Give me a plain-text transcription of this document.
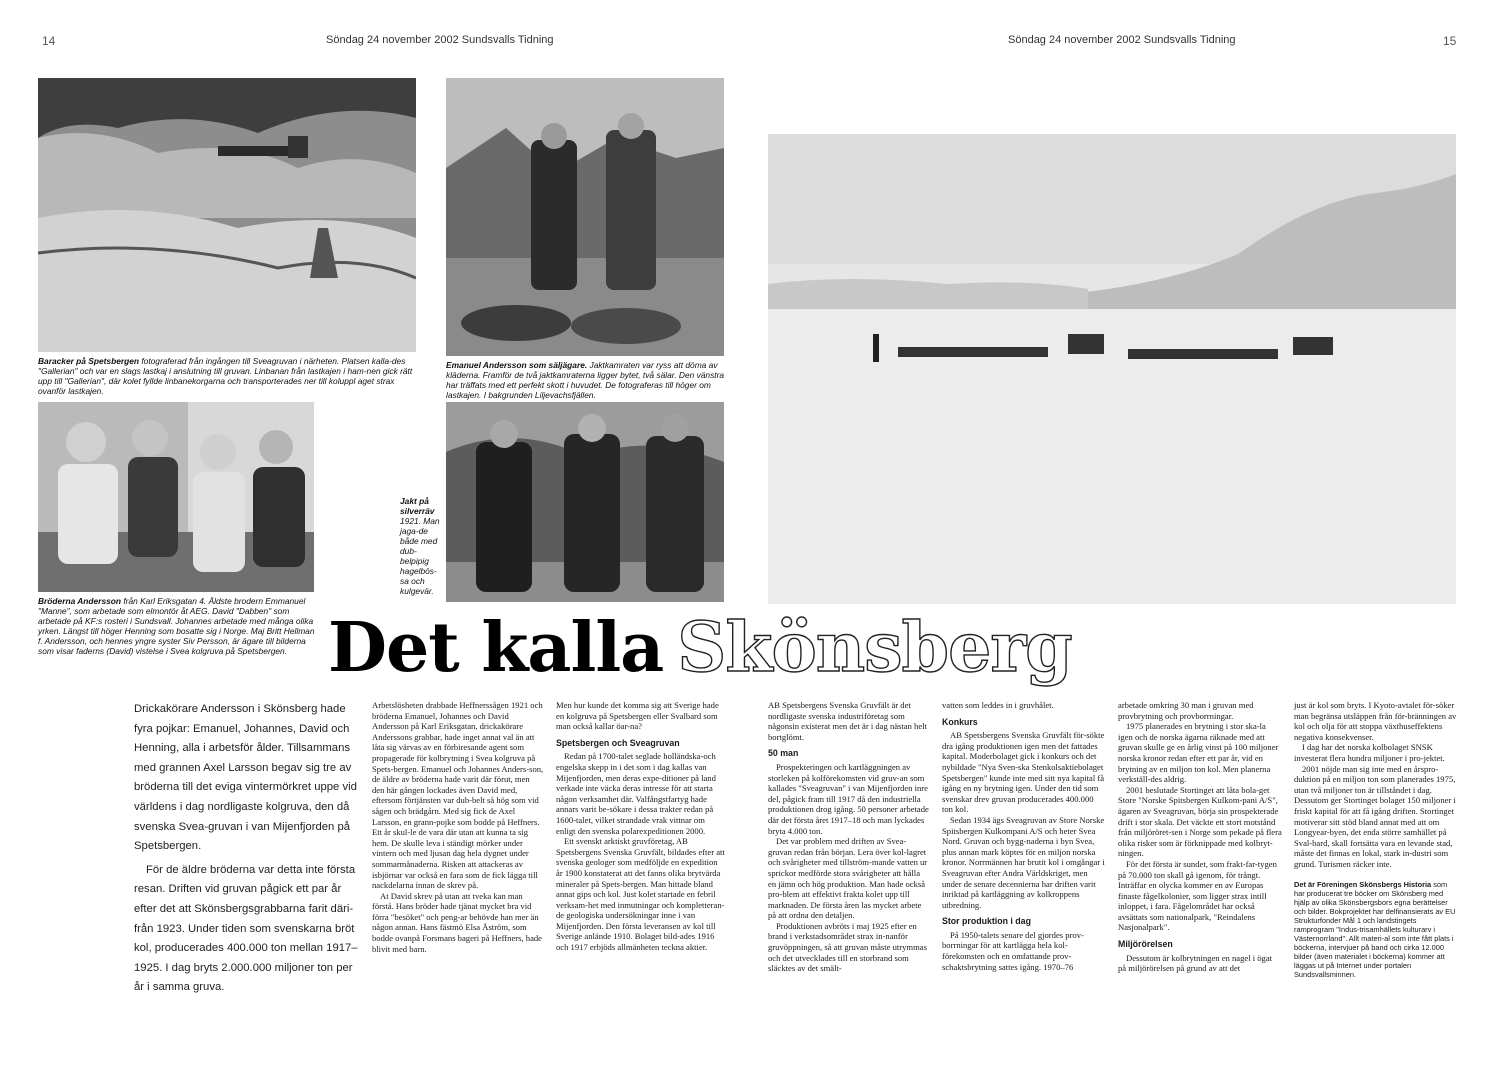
14	Söndag 24 november 2002 Sundsvalls Tidning	Söndag 24 november 2002 Sundsvalls Tidning	15
Baracker på Spetsbergen fotograferad från ingången till Sveagruvan i närheten. Platsen kalla-des "Gallerian" och var en slags lastkaj i anslutning till gruvan. Linbanan från lastkajen i ham-nen gick rätt upp till "Gallerian", där kolet fyllde linbanekorgarna och transporterades ner till koluppl aget strax ovanför lastkajen.
Emanuel Andersson som säljägare. Jaktkamraten var ryss att döma av kläderna. Framför de två jaktkamraterna ligger bytet, två sälar. Den vänstra har träffats med ett perfekt skott i huvudet. De fotograferas till höger om lastkajen. I bakgrunden Liljevachsfjällen.
Bröderna Andersson från Karl Eriksgatan 4. Äldste brodern Emmanuel "Manne", som arbetade som elmontör åt AEG. David "Dabben" som arbetade på KF:s rosteri i Sundsvall. Johannes arbetade med många olika yrken. Längst till höger Henning som bosatte sig i Norge. Maj Britt Hellman f. Andersson, och hennes yngre syster Siv Persson, är ägare till bilderna som visar faderns (David) vistelse i Svea kolgruva på Spetsbergen.
Jakt på silverräv 1921. Man jaga-de både med dub-belpipig hagelbös-sa och kulgevär.
Det kalla Skönsberg

Drickakörare Andersson i Skönsberg hade fyra pojkar: Emanuel, Johannes, David och Henning, alla i arbetsför ålder. Tillsammans med grannen Axel Larsson begav sig tre av bröderna till det eviga vintermörkret uppe vid världens i dag nordligaste kolgruva, den då svenska Svea-gruvan i van Mijenfjorden på Spetsbergen.

För de äldre bröderna var detta inte första resan. Driften vid gruvan pågick ett par år efter det att Skönsbergsgrabbarna farit däri-från 1923. Under tiden som svenskarna bröt kol, producerades 400.000 ton mellan 1917–1925. I dag bryts 2.000.000 miljoner ton per år i samma gruva.

Arbetslösheten drabbade Heffnerssågen 1921 och bröderna Emanuel, Johannes och David Andersson på Karl Eriksgatan, drickakörare Anderssons grabbar, hade inget annat val än att låta sig värvas av en förbiresande agent som propagerade för kolbrytning i Svea kolgruva på Spets-bergen. Emanuel och Johannes Anders-son, de äldre av bröderna hade varit där förut, men den här gången lockades även David med, eftersom förtjänsten var dub-belt så hög som vid sågen och brädgårn. Med sig fick de Axel Larsson, en grann-pojke som bodde på Heffners. Ett år skul-le de vara där utan att kunna ta sig hem. De skulle leva i ständigt mörker under vintern och med ljusan dag hela dygnet under sommarmånaderna. Risken att attackeras av isbjörnar var också en fara som de fick lägga till nackdelarna innan de skrev på.

At David skrev på utan att tveka kan man förstå. Hans bröder hade tjänat mycket bra vid förra "besöket" och peng-ar behövde han mer än någon annan. Hans fästmö Elsa Åström, som bodde ovanpå Forsmans bageri på Heffners, hade blivit med barn.

Men hur kunde det komma sig att Sverige hade en kolgruva på Spetsbergen eller Svalbard som man också kallar öar-na?

Spetsbergen och Sveagruvan

Redan på 1700-talet seglade holländska-och engelska skepp in i det som i dag kallas van Mijenfjorden, men deras expe-ditioner på land verkade inte väcka deras intresse för att starta någon verksamhet där. Valfångstfartyg hade annars varit be-sökare i dessa trakter redan på 1600-talet, vilket strandade vrak vittnar om enligt den svenska polarexpeditionen 2000.

Ett svenskt arktiskt gruvföretag, AB Spetsbergens Svenska Gruvfält, bildades efter att svenska geologer som medföljde en expedition år 1900 konstaterat att det fanns olika brytvärda mineraler på Spets-bergen. Man hittade bland annat gips och kol. Just kolet startade en febril verksam-het med inmutningar och kompletteran-de geologiska undersökningar inne i van Mijenfjorden. Den första leveransen av kol till Sverige anlände 1910. Bolaget bild-ades 1916 och 1917 erbjöds allmänheten teckna aktier.

AB Spetsbergens Svenska Gruvfält är det nordligaste svenska industriföretag som någonsin existerat men det är i dag nästan helt bortglömt.

50 man

Prospekteringen och kartläggningen av storleken på kolförekomsten vid gruv-an som kallades "Sveagruvan" i van Mijenfjorden inre del, pågick fram till 1917 då den industriella produktionen drog igång. 50 personer arbetade där det första året 1917–18 och man lyckades bryta 4.000 ton.

Det var problem med driften av Svea-gruvan redan från början. Lera över kol-lagret och svårigheter med tillström-mande vatten ur sprickor medförde stora svårigheter att hålla en jämn och hög produktion. Man hade också pro-blem att effektivt frakta kolet upp till marknaden. De första åren las mycket arbete på att ordna den detaljen.

Produktionen avbröts i maj 1925 efter en brand i verkstadsområdet strax in-nanför gruvöppningen, så att gruvan måste utrymmas och det utvecklades till en storbrand som släcktes av det smält-

vatten som leddes in i gruvhålet.

Konkurs

AB Spetsbergens Svenska Gruvfält för-sökte dra igång produktionen igen men det fattades kapital. Moderbolaget gick i konkurs och det nybildade "Nya Sven-ska Stenkolsaktiebolaget Spetsbergen" kunde inte med sitt nya kapital få igång en ny brytning igen. Under den tid som svenskar drev gruvan producerades 400.000 ton kol.

Sedan 1934 ägs Sveagruvan av Store Norske Spitsbergen Kulkompani A/S och heter Svea Nord. Gruvan och bygg-naderna i byn Svea, plus annan mark köptes för en miljon norska kronor. Norrmännen har brutit kol i omgångar i Sveagruvan efter Andra Världskriget, men under de senare decennierna har driften varit inriktad på kartläggning av kolkroppens utbredning.

Stor produktion i dag

På 1950-talets senare del gjordes prov-borrningar för att kartlägga hela kol-förekomsten och en omfattande prov-schaktsbrytning sattes igång. 1970–76

arbetade omkring 30 man i gruvan med provbrytning och provborrningar.

1975 planerades en brytning i stor ska-la igen och de norska ägarna räknade med att gruvan skulle ge en årlig vinst på 100 miljoner norska kronor redan efter ett par år, vid en brytning av en miljon ton kol. Men planerna verkställ-des aldrig.

2001 beslutade Stortinget att låta bola-get Store "Norske Spitsbergen Kulkom-pani A/S", ägaren av Sveagruvan, börja sin prospekterade drift i stor skala. Det väckte ett stort motstånd från miljöröret-sen i Norge som pekade på flera olika risker som är förknippade med kolbryt-ningen.

För det första är sundet, som frakt-far-tygen på 70.000 ton skall gå igenom, för trångt. Inträffar en olycka kommer en av Europas finaste fågelkolonier, som ligger strax intill inloppet, i fara. Fågelområdet har också avsättats som nationalpark, "Reindalens Nasjonalpark".

Miljörörelsen

Dessutom är kolbrytningen en nagel i ögat på miljörörelsen på grund av att det

just är kol som bryts. I Kyoto-avtalet för-söker man begränsa utsläppen från för-bränningen av kol och olja för att stoppa växthuseffektens negativa konsekvenser.

I dag har det norska kolbolaget SNSK investerat flera hundra miljoner i pro-jektet.

2001 nöjde man sig inte med en årspro-duktion på en miljon ton som planerades 1975, utan två miljoner ton är tillståndet i dag. Dessutom ger Stortinget bolaget 150 miljoner i friskt kapital för att få igång driften. Stortinget motiverar sitt stöd bland annat med att om Longyear-byen, det enda större samhället på Sval-bard, skall fortsätta vara en levande stad, måste det finnas en lokal, stark in-dustri som grund. Turismen räcker inte.

Det är Föreningen Skönsbergs Historia som har producerat tre böcker om Skönsberg med hjälp av olika Skönsbergsbors egna berättelser och bilder. Bokprojektet har delfinansierats av EU Strukturfonder Mål 1 och landstingets ramprogram "Indus-trisamhällets kulturarv i Västernorrland". Allt materi-al som inte fått plats i böckerna, intervjuer på band och cirka 12.000 bilder (även materialet i böckerna) kommer att läggas ut på Internet under portalen Sundsvallsminnen.
